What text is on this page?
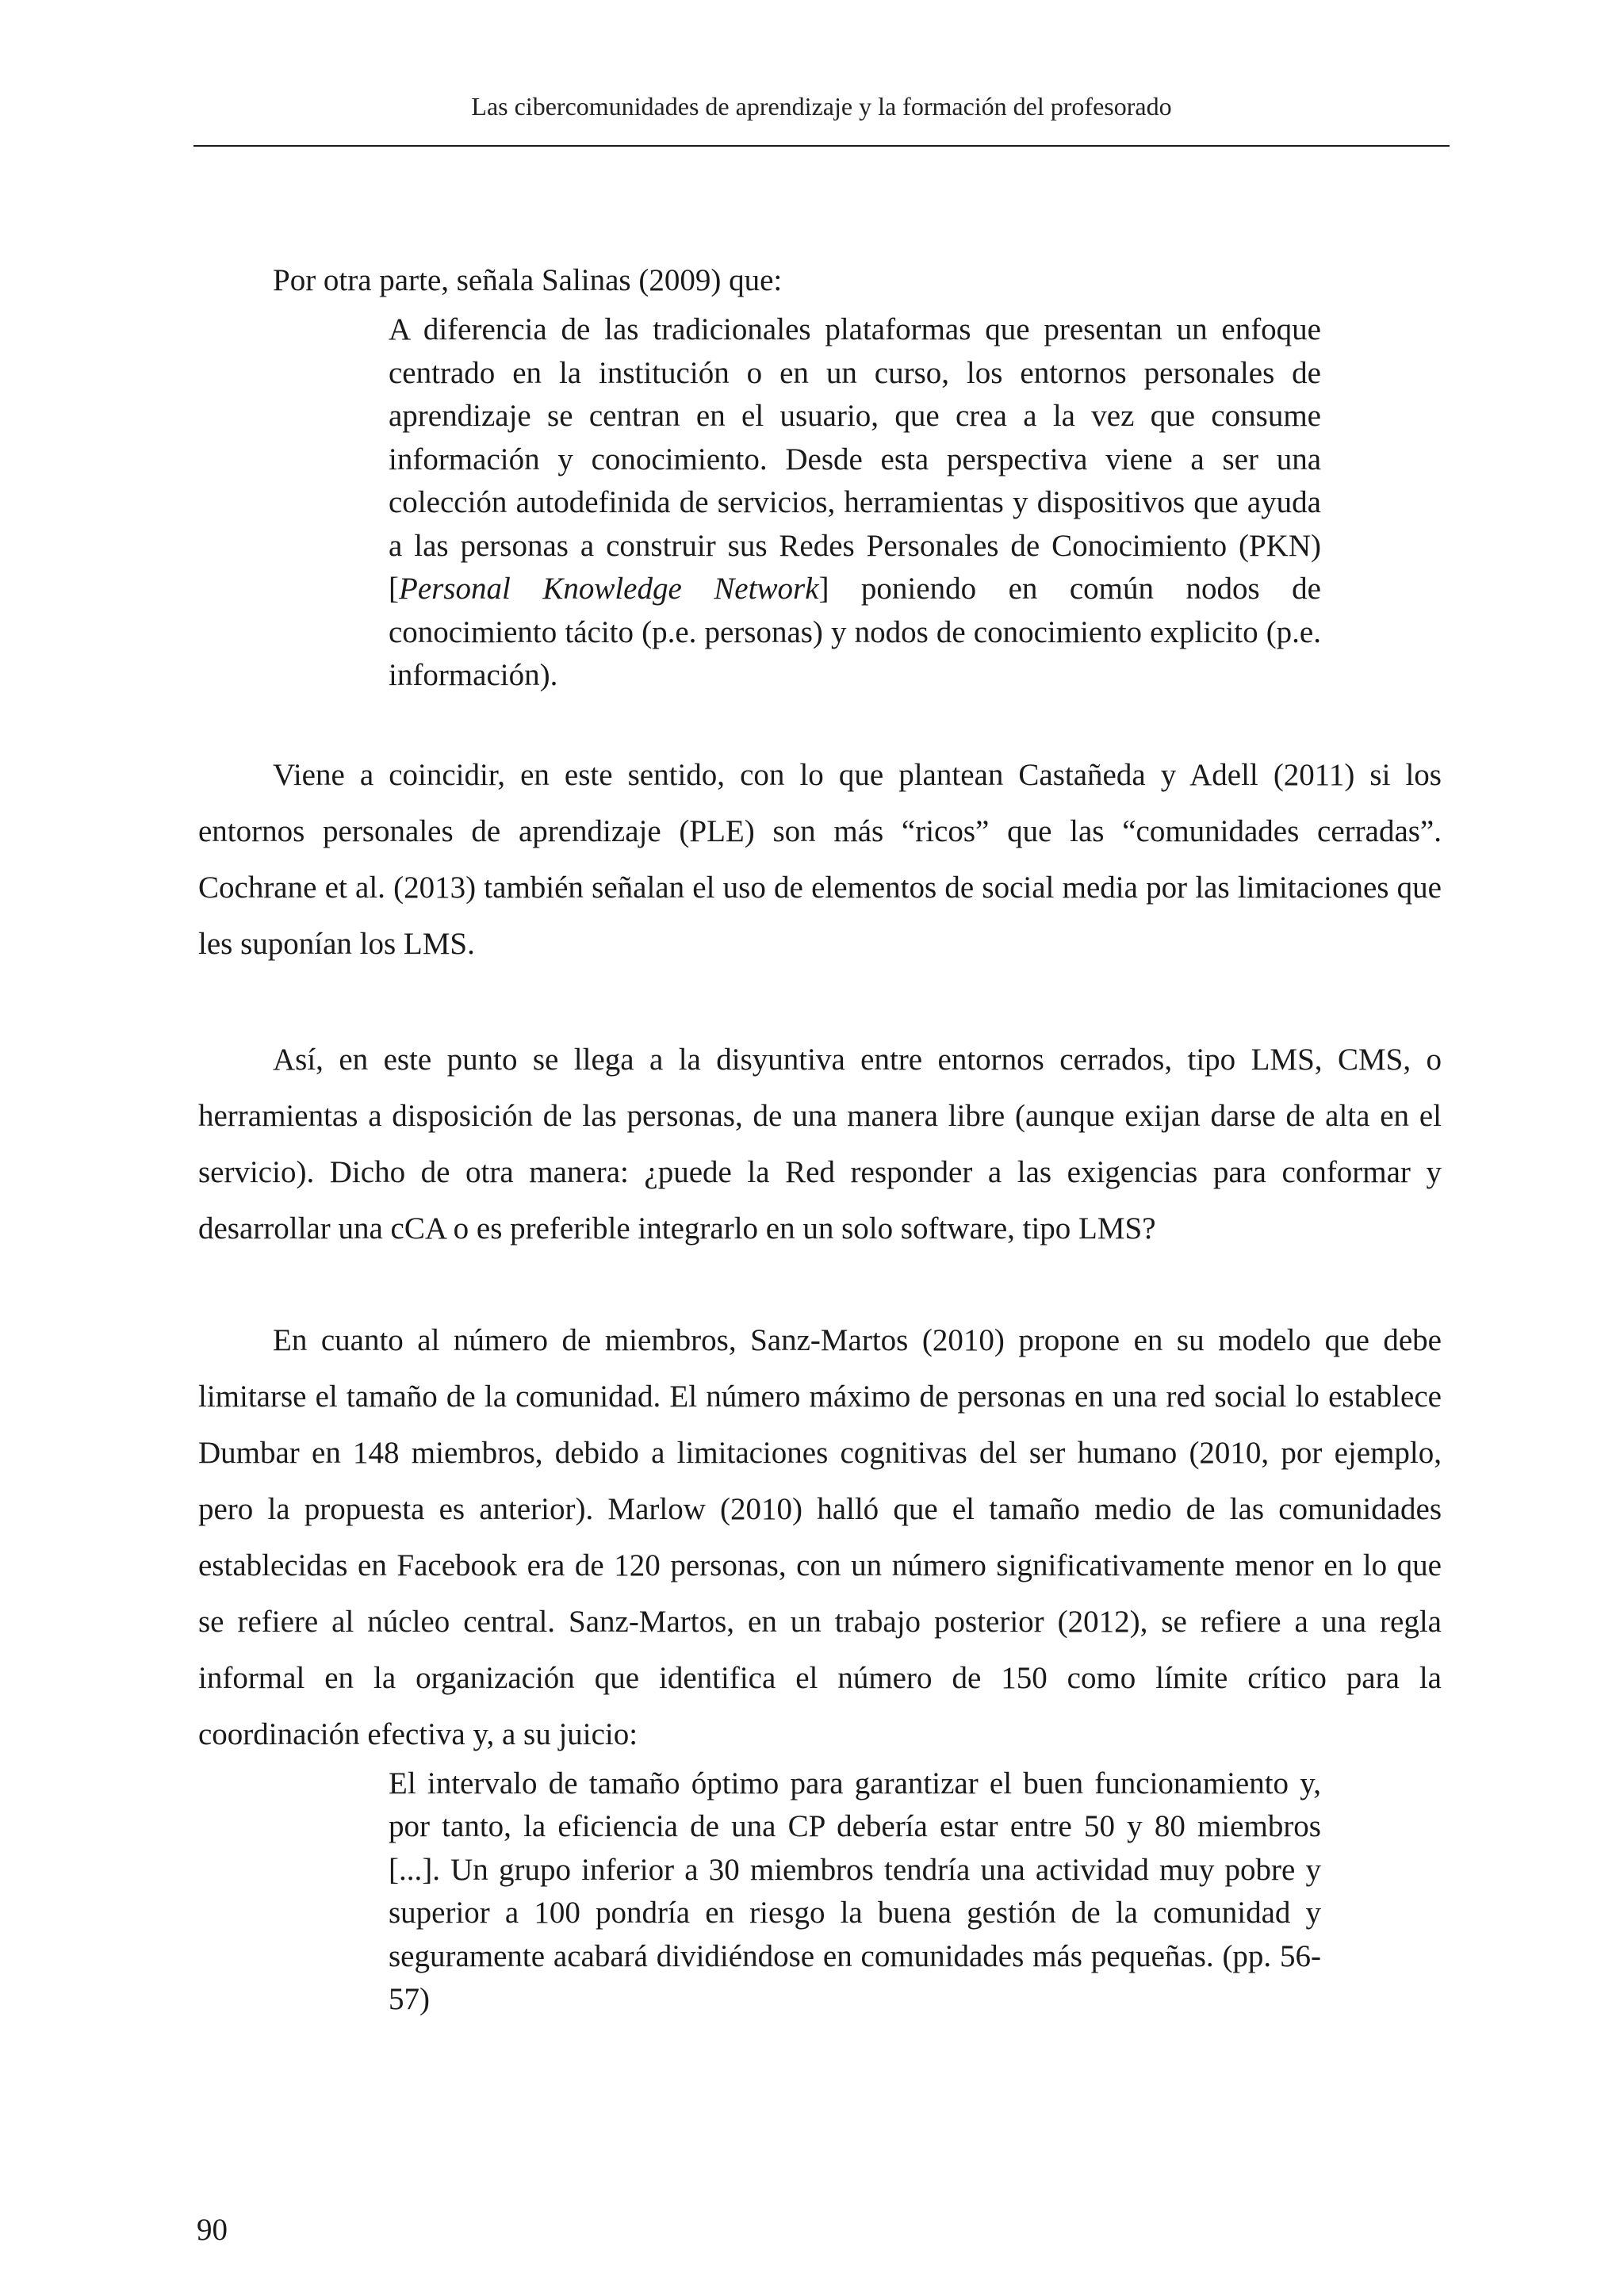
Las cibercomunidades de aprendizaje y la formación del profesorado

Por otra parte, señala Salinas (2009) que:

A diferencia de las tradicionales plataformas que presentan un enfoque centrado en la institución o en un curso, los entornos personales de aprendizaje se centran en el usuario, que crea a la vez que consume información y conocimiento. Desde esta perspectiva viene a ser una colección autodefinida de servicios, herramientas y dispositivos que ayuda a las personas a construir sus Redes Personales de Conocimiento (PKN) [Personal Knowledge Network] poniendo en común nodos de conocimiento tácito (p.e. personas) y nodos de conocimiento explicito (p.e. información).

Viene a coincidir, en este sentido, con lo que plantean Castañeda y Adell (2011) si los entornos personales de aprendizaje (PLE) son más “ricos” que las “comunidades cerradas”. Cochrane et al. (2013) también señalan el uso de elementos de social media por las limitaciones que les suponían los LMS.

Así, en este punto se llega a la disyuntiva entre entornos cerrados, tipo LMS, CMS, o herramientas a disposición de las personas, de una manera libre (aunque exijan darse de alta en el servicio). Dicho de otra manera: ¿puede la Red responder a las exigencias para conformar y desarrollar una cCA o es preferible integrarlo en un solo software, tipo LMS?

En cuanto al número de miembros, Sanz-Martos (2010) propone en su modelo que debe limitarse el tamaño de la comunidad. El número máximo de personas en una red social lo establece Dumbar en 148 miembros, debido a limitaciones cognitivas del ser humano (2010, por ejemplo, pero la propuesta es anterior). Marlow (2010) halló que el tamaño medio de las comunidades establecidas en Facebook era de 120 personas, con un número significativamente menor en lo que se refiere al núcleo central. Sanz-Martos, en un trabajo posterior (2012), se refiere a una regla informal en la organización que identifica el número de 150 como límite crítico para la coordinación efectiva y, a su juicio:

El intervalo de tamaño óptimo para garantizar el buen funcionamiento y, por tanto, la eficiencia de una CP debería estar entre 50 y 80 miembros [...]. Un grupo inferior a 30 miembros tendría una actividad muy pobre y superior a 100 pondría en riesgo la buena gestión de la comunidad y seguramente acabará dividiéndose en comunidades más pequeñas. (pp. 56-57)
90
